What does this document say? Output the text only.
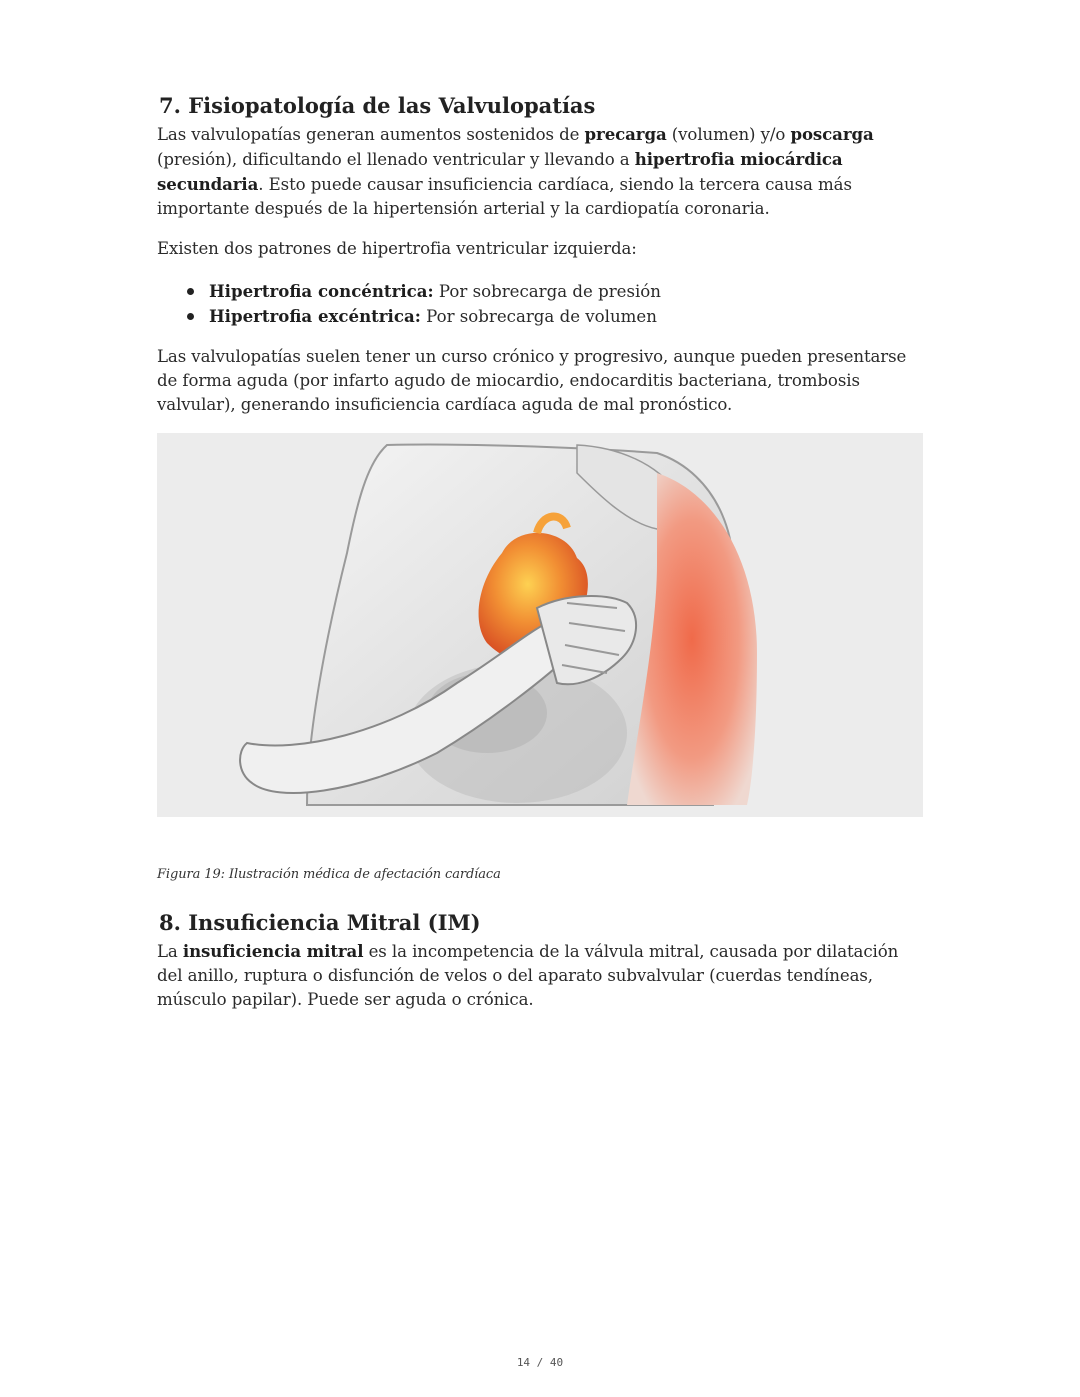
7. Fisiopatología de las Valvulopatías

Las valvulopatías generan aumentos sostenidos de precarga (volumen) y/o poscarga (presión), dificultando el llenado ventricular y llevando a hipertrofia miocárdica secundaria. Esto puede causar insuficiencia cardíaca, siendo la tercera causa más importante después de la hipertensión arterial y la cardiopatía coronaria.

Existen dos patrones de hipertrofia ventricular izquierda:

Hipertrofia concéntrica: Por sobrecarga de presión
Hipertrofia excéntrica: Por sobrecarga de volumen

Las valvulopatías suelen tener un curso crónico y progresivo, aunque pueden presentarse de forma aguda (por infarto agudo de miocardio, endocarditis bacteriana, trombosis valvular), generando insuficiencia cardíaca aguda de mal pronóstico.

Figura 19: Ilustración médica de afectación cardíaca

8. Insuficiencia Mitral (IM)

La insuficiencia mitral es la incompetencia de la válvula mitral, causada por dilatación del anillo, ruptura o disfunción de velos o del aparato subvalvular (cuerdas tendíneas, músculo papilar). Puede ser aguda o crónica.

14 / 40
